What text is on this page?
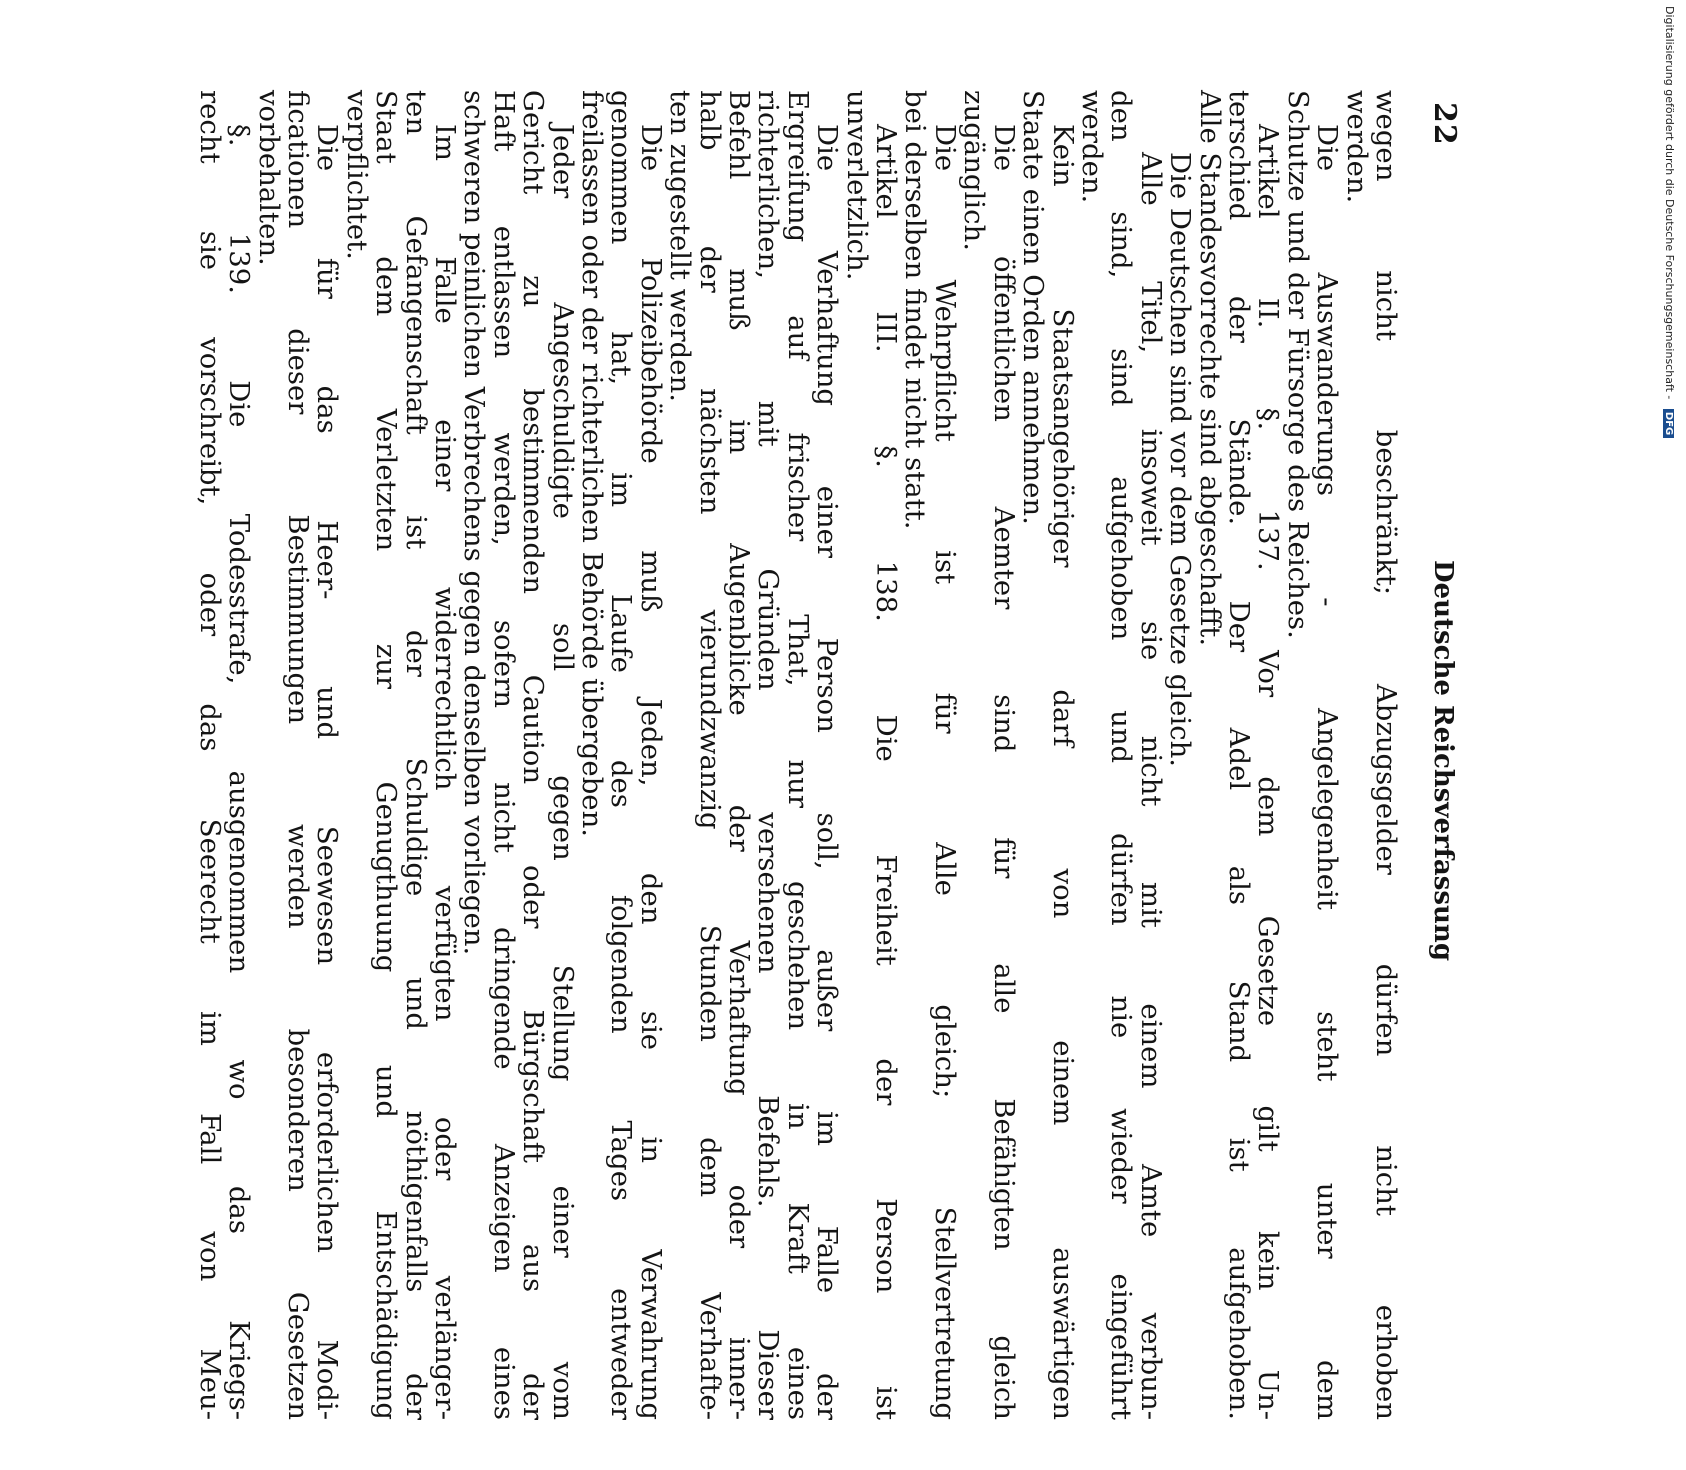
22
Deutsche Reichsverfassung
wegen nicht beschränkt; Abzugsgelder dürfen nicht erhoben
werden.
Die Auswanderungs - Angelegenheit steht unter dem
Schutze und der Fürsorge des Reiches.
Artikel II. §. 137. Vor dem Gesetze gilt kein Un-
terschied der Stände. Der Adel als Stand ist aufgehoben.
Alle Standesvorrechte sind abgeschafft.
Die Deutschen sind vor dem Gesetze gleich.
Alle Titel, insoweit sie nicht mit einem Amte verbun-
den sind, sind aufgehoben und dürfen nie wieder eingeführt
werden.
Kein Staatsangehöriger darf von einem auswärtigen
Staate einen Orden annehmen.
Die öffentlichen Aemter sind für alle Befähigten gleich
zugänglich.
Die Wehrpflicht ist für Alle gleich; Stellvertretung
bei derselben findet nicht statt.
Artikel III. §. 138. Die Freiheit der Person ist
unverletzlich.
Die Verhaftung einer Person soll, außer im Falle der
Ergreifung auf frischer That, nur geschehen in Kraft eines
richterlichen, mit Gründen versehenen Befehls. Dieser
Befehl muß im Augenblicke der Verhaftung oder inner-
halb der nächsten vierundzwanzig Stunden dem Verhafte-
ten zugestellt werden.
Die Polizeibehörde muß Jeden, den sie in Verwahrung
genommen hat, im Laufe des folgenden Tages entweder
freilassen oder der richterlichen Behörde übergeben.
Jeder Angeschuldigte soll gegen Stellung einer vom
Gericht zu bestimmenden Caution oder Bürgschaft aus der
Haft entlassen werden, sofern nicht dringende Anzeigen eines
schweren peinlichen Verbrechens gegen denselben vorliegen.
Im Falle einer widerrechtlich verfügten oder verlänger-
ten Gefangenschaft ist der Schuldige und nöthigenfalls der
Staat dem Verletzten zur Genugthuung und Entschädigung
verpflichtet.
Die für das Heer- und Seewesen erforderlichen Modi-
ficationen dieser Bestimmungen werden besonderen Gesetzen
vorbehalten.
§. 139. Die Todesstrafe, ausgenommen wo das Kriegs-
recht sie vorschreibt, oder das Seerecht im Fall von Meu-	Digitalisierung gefördert durch die Deutsche Forschungsgemeinschaft - DFG
